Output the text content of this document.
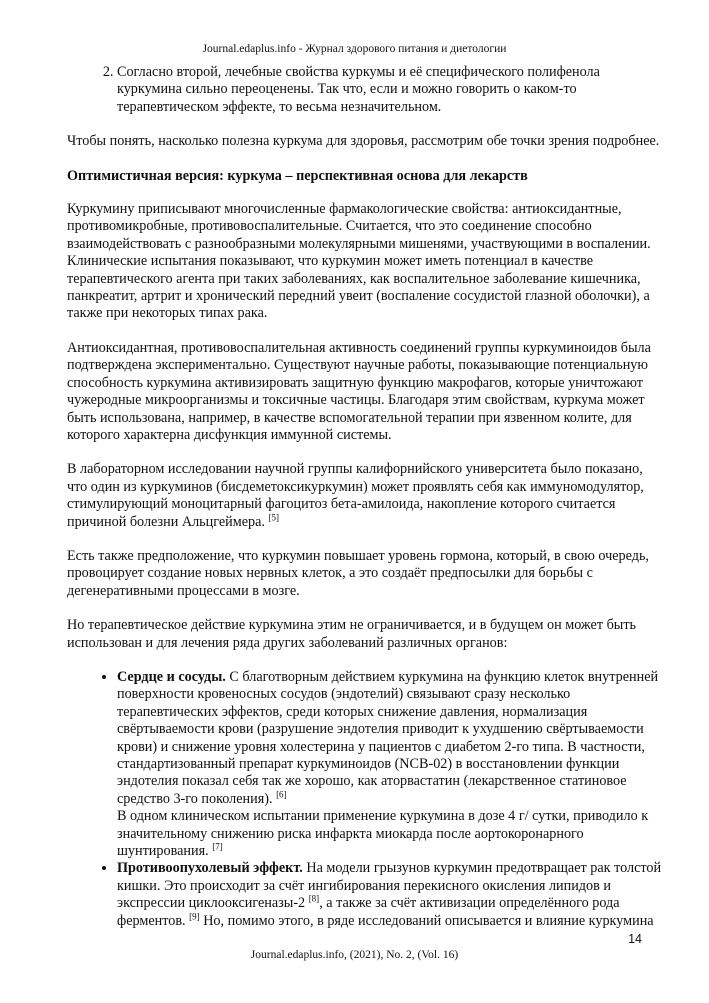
Journal.edaplus.info - Журнал здорового питания и диетологии
2. Согласно второй, лечебные свойства куркумы и её специфического полифенола куркумина сильно переоценены. Так что, если и можно говорить о каком-то терапевтическом эффекте, то весьма незначительном.

Чтобы понять, насколько полезна куркума для здоровья, рассмотрим обе точки зрения подробнее.

Оптимистичная версия: куркума – перспективная основа для лекарств

Куркумину приписывают многочисленные фармакологические свойства: антиоксидантные, противомикробные, противовоспалительные. Считается, что это соединение способно взаимодействовать с разнообразными молекулярными мишенями, участвующими в воспалении. Клинические испытания показывают, что куркумин может иметь потенциал в качестве терапевтического агента при таких заболеваниях, как воспалительное заболевание кишечника, панкреатит, артрит и хронический передний увеит (воспаление сосудистой глазной оболочки), а также при некоторых типах рака.

Антиоксидантная, противовоспалительная активность соединений группы куркуминоидов была подтверждена экспериментально. Существуют научные работы, показывающие потенциальную способность куркумина активизировать защитную функцию макрофагов, которые уничтожают чужеродные микроорганизмы и токсичные частицы. Благодаря этим свойствам, куркума может быть использована, например, в качестве вспомогательной терапии при язвенном колите, для которого характерна дисфункция иммунной системы.

В лабораторном исследовании научной группы калифорнийского университета было показано, что один из куркуминов (бисдеметоксикуркумин) может проявлять себя как иммуномодулятор, стимулирующий моноцитарный фагоцитоз бета-амилоида, накопление которого считается причиной болезни Альцгеймера. [5]

Есть также предположение, что куркумин повышает уровень гормона, который, в свою очередь, провоцирует создание новых нервных клеток, а это создаёт предпосылки для борьбы с дегенеративными процессами в мозге.

Но терапевтическое действие куркумина этим не ограничивается, и в будущем он может быть использован и для лечения ряда других заболеваний различных органов:

• Сердце и сосуды. С благотворным действием куркумина на функцию клеток внутренней поверхности кровеносных сосудов (эндотелий) связывают сразу несколько терапевтических эффектов, среди которых снижение давления, нормализация свёртываемости крови (разрушение эндотелия приводит к ухудшению свёртываемости крови) и снижение уровня холестерина у пациентов с диабетом 2-го типа. В частности, стандартизованный препарат куркуминоидов (NCB-02) в восстановлении функции эндотелия показал себя так же хорошо, как аторвастатин (лекарственное статиновое средство 3-го поколения). [6]
В одном клиническом испытании применение куркумина в дозе 4 г/ сутки, приводило к значительному снижению риска инфаркта миокарда после аортокоронарного шунтирования. [7]
• Противоопухолевый эффект. На модели грызунов куркумин предотвращает рак толстой кишки. Это происходит за счёт ингибирования перекисного окисления липидов и экспрессии циклооксигеназы-2 [8], а также за счёт активизации определённого рода ферментов. [9] Но, помимо этого, в ряде исследований описывается и влияние куркумина
14
Journal.edaplus.info, (2021), No. 2, (Vol. 16)
